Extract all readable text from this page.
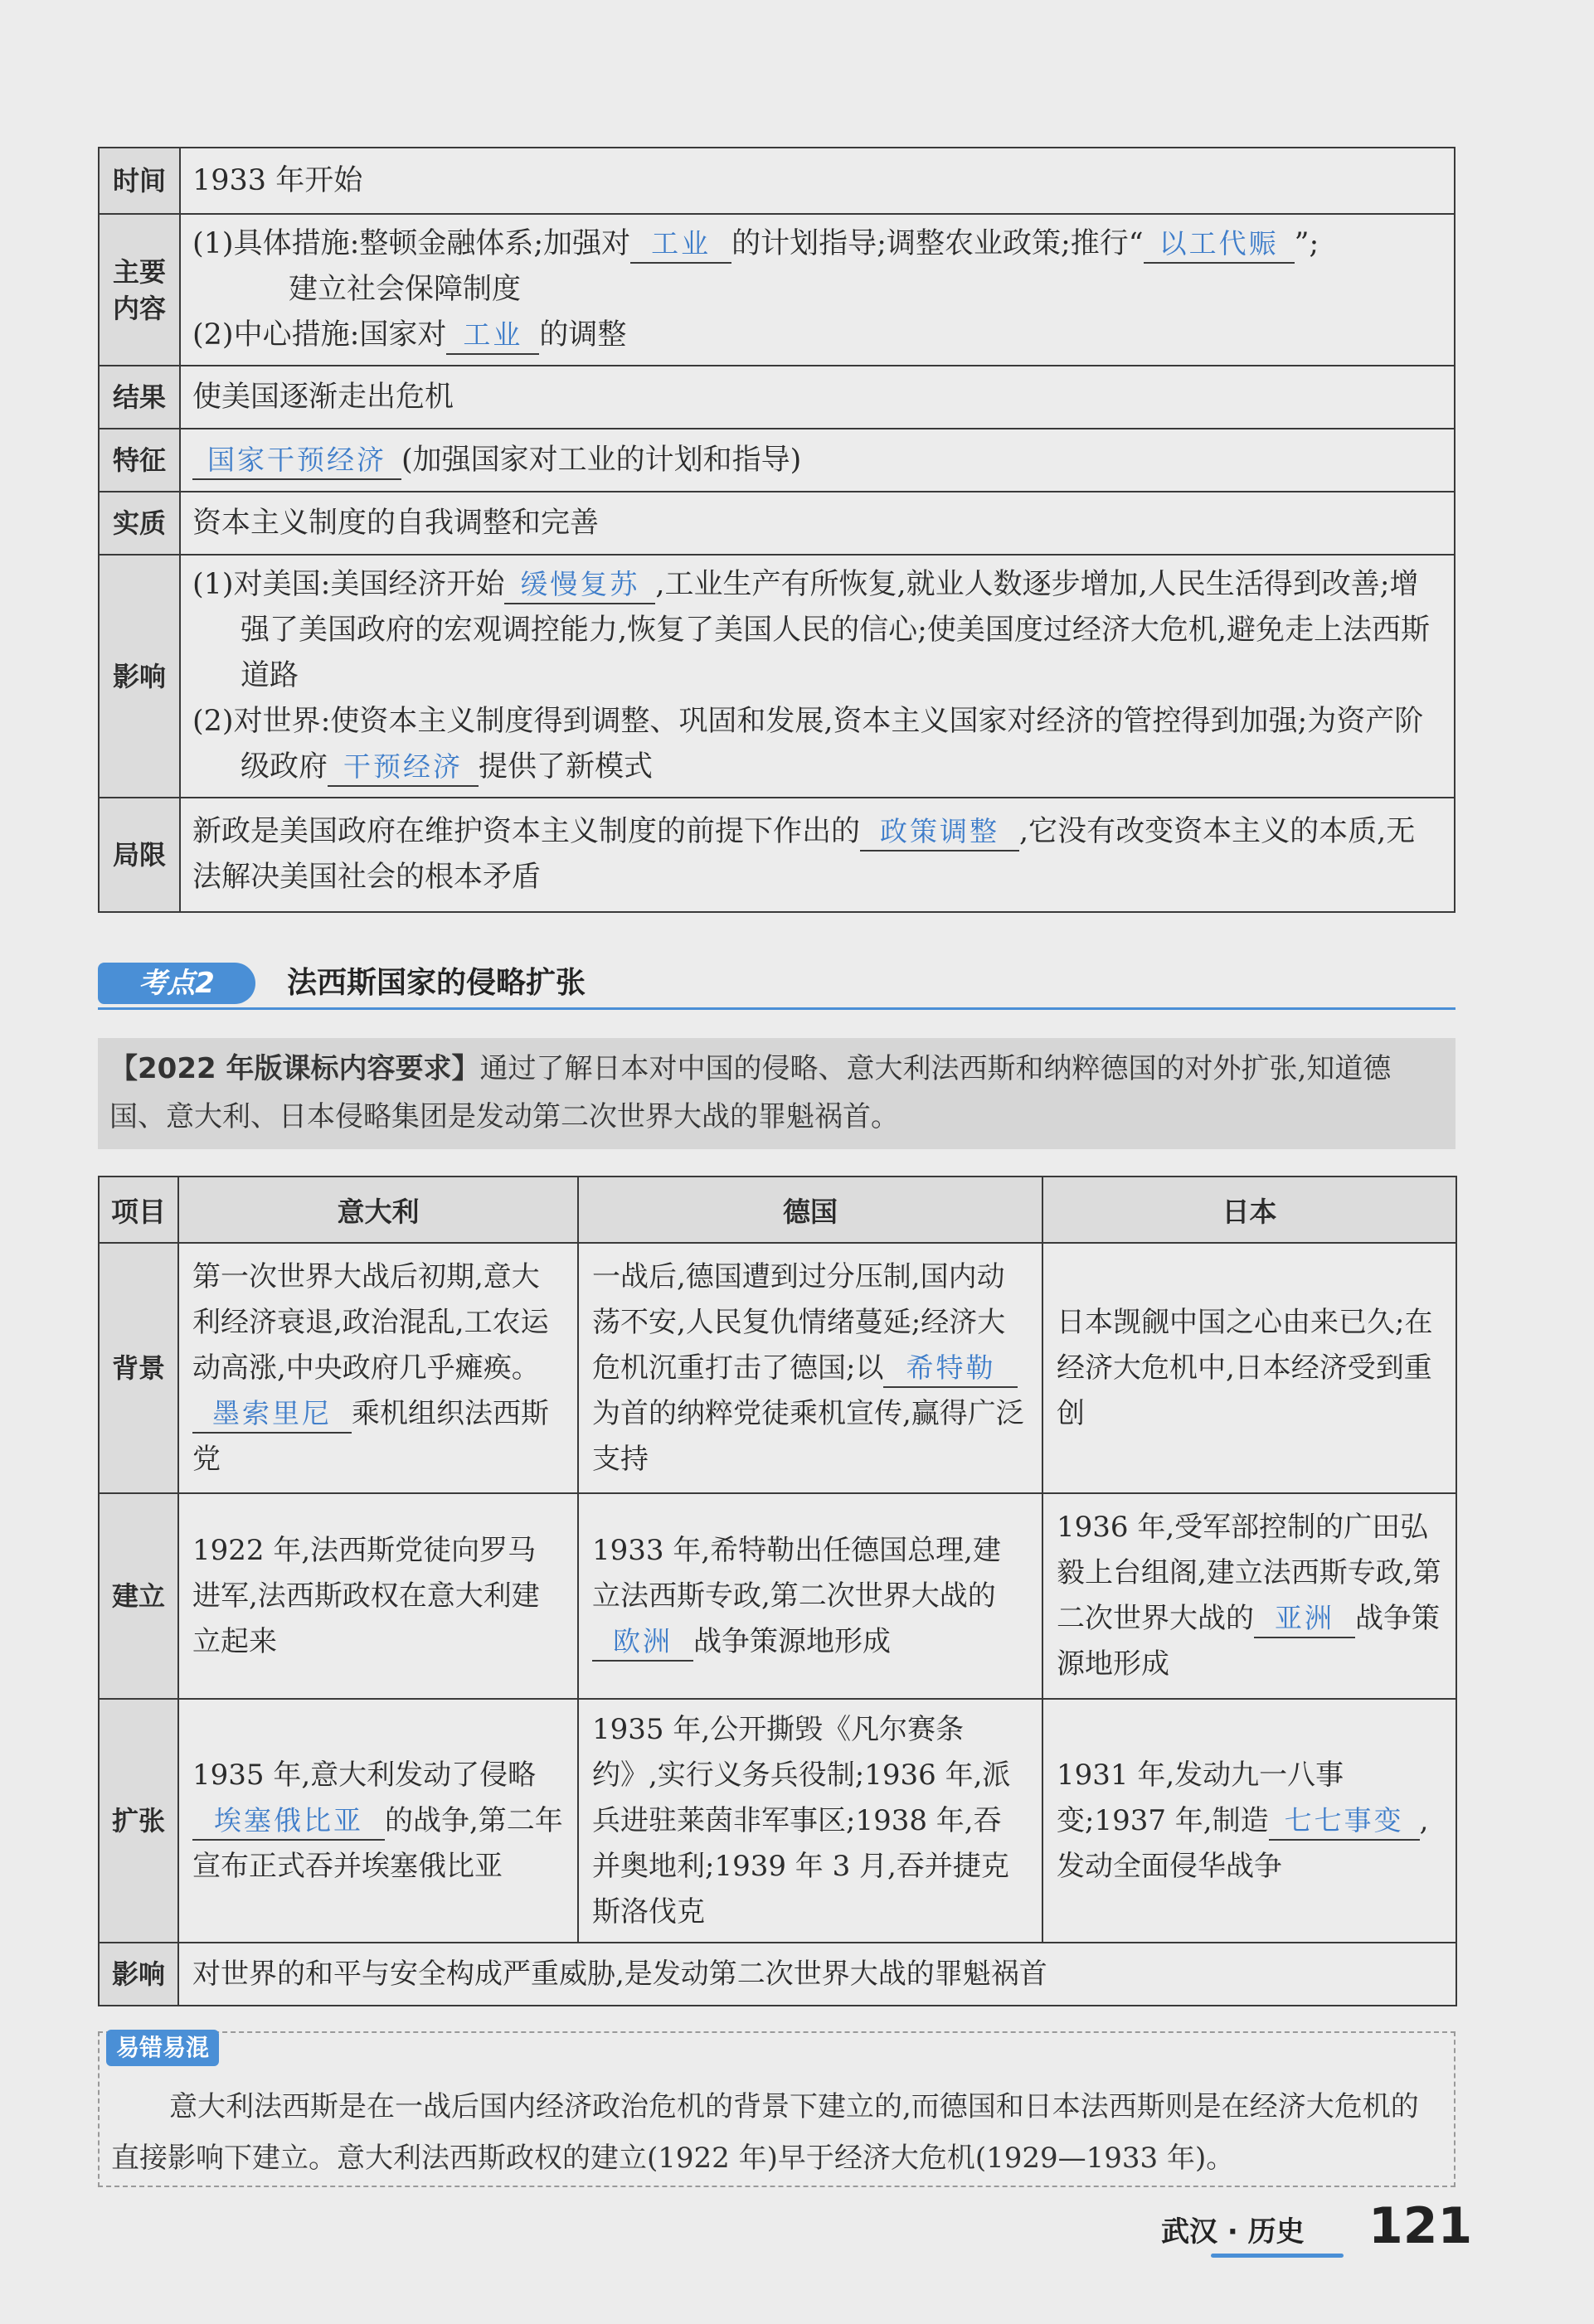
时间	1933 年开始

主要内容	(1)具体措施:整顿金融体系;加强对 工业 的计划指导;调整农业政策;推行“ 以工代赈 ”;
建立社会保障制度
(2)中心措施:国家对 工业 的调整

结果	使美国逐渐走出危机
特征	国家干预经济 (加强国家对工业的计划和指导)
实质	资本主义制度的自我调整和完善
影响	(1)对美国:美国经济开始 缓慢复苏 ,工业生产有所恢复,就业人数逐步增加,人民生活得到改善;增强了美国政府的宏观调控能力,恢复了美国人民的信心;使美国度过经济大危机,避免走上法西斯道路
(2)对世界:使资本主义制度得到调整、巩固和发展,资本主义国家对经济的管控得到加强;为资产阶级政府 干预经济 提供了新模式

局限	新政是美国政府在维护资本主义制度的前提下作出的 政策调整 ,它没有改变资本主义的本质,无法解决美国社会的根本矛盾
考点2	法西斯国家的侵略扩张
【2022 年版课标内容要求】通过了解日本对中国的侵略、意大利法西斯和纳粹德国的对外扩张,知道德国、意大利、日本侵略集团是发动第二次世界大战的罪魁祸首。
项目	意大利	德国	日本
背景	第一次世界大战后初期,意大利经济衰退,政治混乱,工农运动高涨,中央政府几乎瘫痪。墨索里尼 乘机组织法西斯党	一战后,德国遭到过分压制,国内动荡不安,人民复仇情绪蔓延;经济大危机沉重打击了德国;以 希特勒为首的纳粹党徒乘机宣传,赢得广泛支持	日本觊觎中国之心由来已久;在经济大危机中,日本经济受到重创
建立	1922 年,法西斯党徒向罗马进军,法西斯政权在意大利建立起来	1933 年,希特勒出任德国总理,建立法西斯专政,第二次世界大战的欧洲 战争策源地形成	1936 年,受军部控制的广田弘毅上台组阁,建立法西斯专政,第二次世界大战的 亚洲 战争策源地形成
扩张	1935 年,意大利发动了侵略埃塞俄比亚 的战争,第二年宣布正式吞并埃塞俄比亚	1935 年,公开撕毁《凡尔赛条约》,实行义务兵役制;1936 年,派兵进驻莱茵非军事区;1938 年,吞并奥地利;1939 年 3 月,吞并捷克斯洛伐克	1931 年,发动九一八事变;1937 年,制造 七七事变 ,发动全面侵华战争
影响	对世界的和平与安全构成严重威胁,是发动第二次世界大战的罪魁祸首		
易错易混
意大利法西斯是在一战后国内经济政治危机的背景下建立的,而德国和日本法西斯则是在经济大危机的直接影响下建立。意大利法西斯政权的建立(1922 年)早于经济大危机(1929—1933 年)。
武汉 · 历史 121
